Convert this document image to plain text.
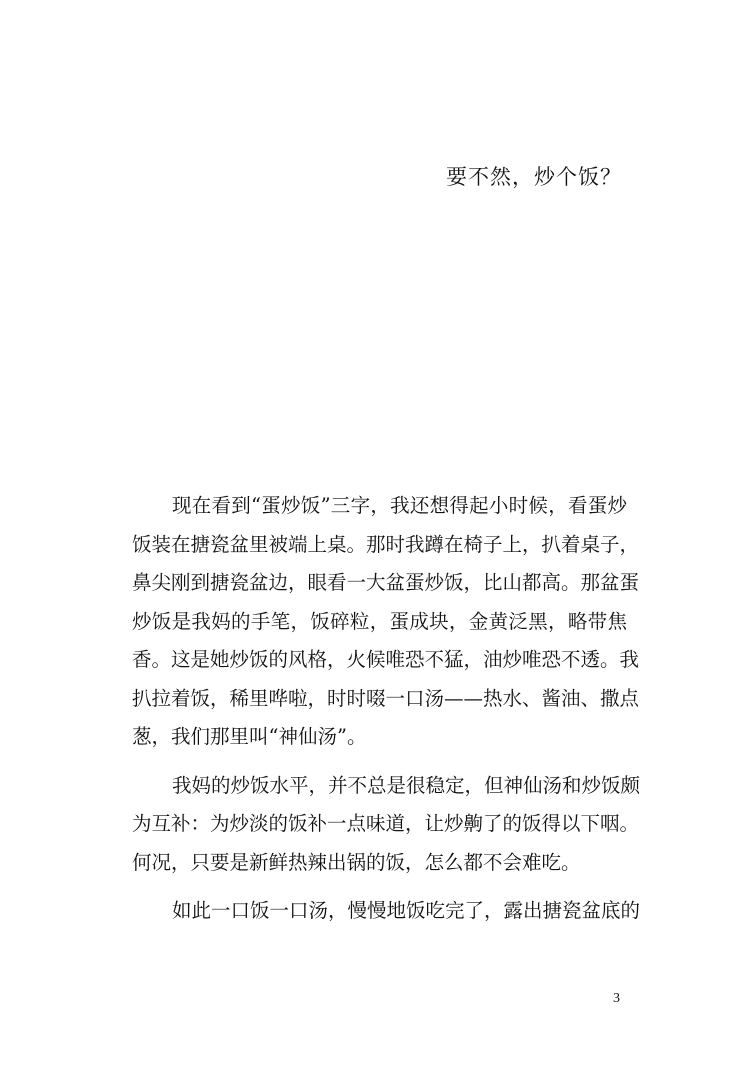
要不然，炒个饭？

现在看到“蛋炒饭”三字，我还想得起小时候，看蛋炒
饭装在搪瓷盆里被端上桌。那时我蹲在椅子上，扒着桌子，
鼻尖刚到搪瓷盆边，眼看一大盆蛋炒饭，比山都高。那盆蛋
炒饭是我妈的手笔，饭碎粒，蛋成块，金黄泛黑，略带焦
香。这是她炒饭的风格，火候唯恐不猛，油炒唯恐不透。我
扒拉着饭，稀里哗啦，时时啜一口汤——热水、酱油、撒点
葱，我们那里叫“神仙汤”。

我妈的炒饭水平，并不总是很稳定，但神仙汤和炒饭颇
为互补：为炒淡的饭补一点味道，让炒齁了的饭得以下咽。
何况，只要是新鲜热辣出锅的饭，怎么都不会难吃。

如此一口饭一口汤，慢慢地饭吃完了，露出搪瓷盆底的

3
